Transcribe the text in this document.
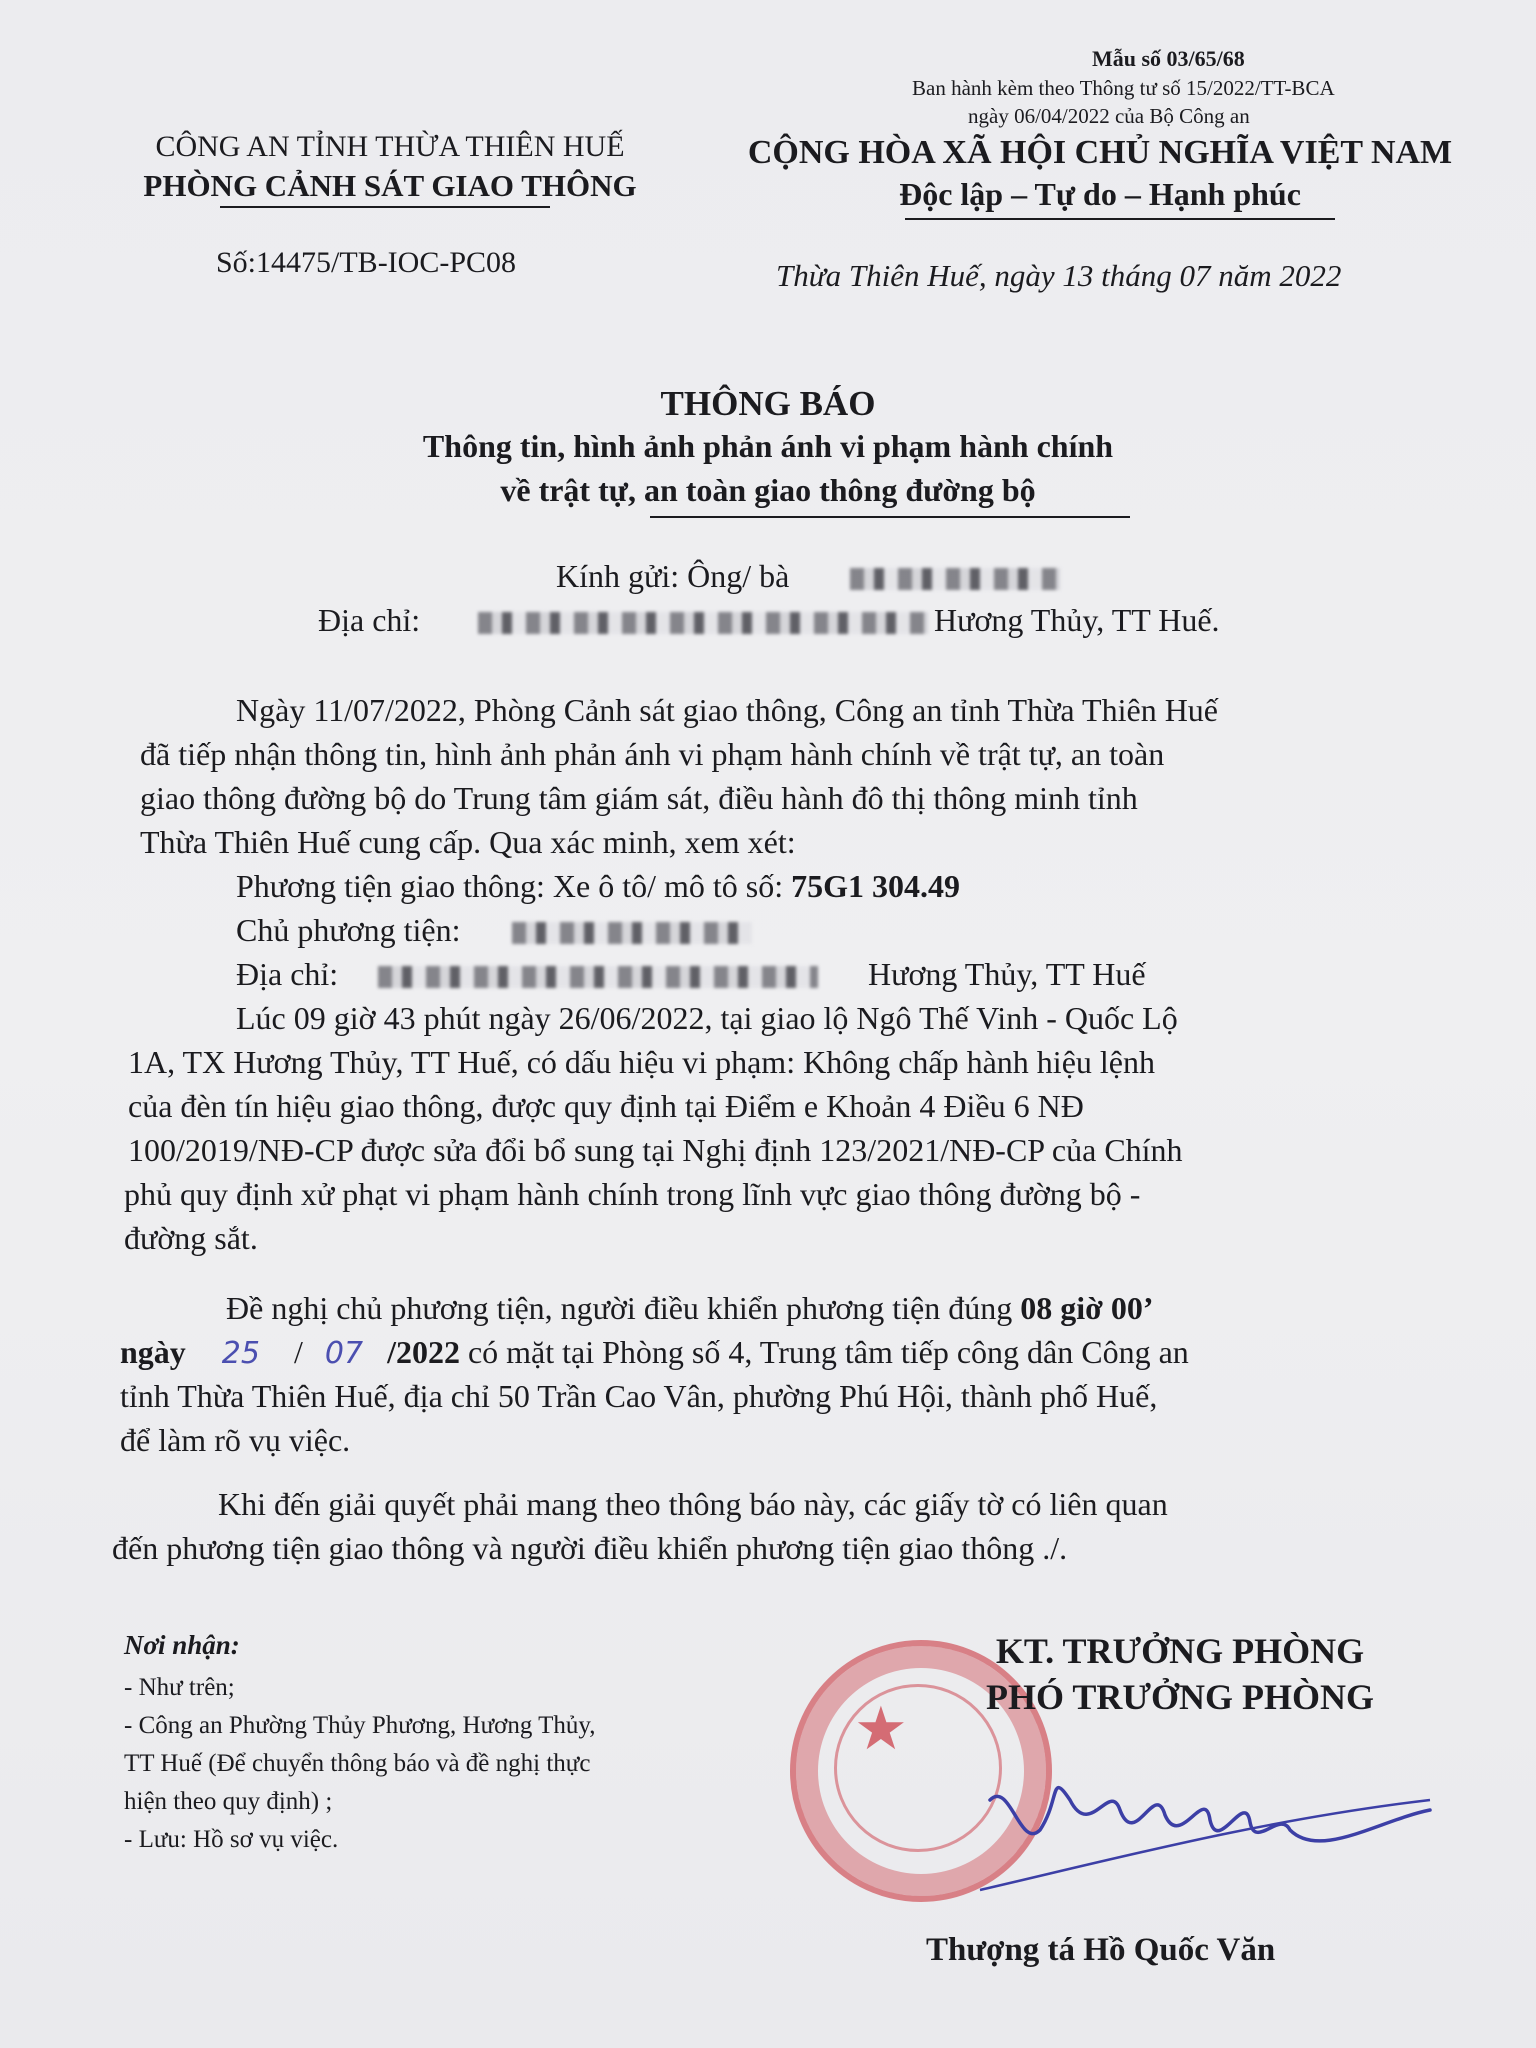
Mẫu số 03/65/68
Ban hành kèm theo Thông tư số 15/2022/TT-BCA
ngày 06/04/2022 của Bộ Công an
CÔNG AN TỈNH THỪA THIÊN HUẾ
PHÒNG CẢNH SÁT GIAO THÔNG
Số:14475/TB-IOC-PC08
CỘNG HÒA XÃ HỘI CHỦ NGHĨA VIỆT NAM
Độc lập – Tự do – Hạnh phúc
Thừa Thiên Huế, ngày 13 tháng 07 năm 2022
THÔNG BÁO
Thông tin, hình ảnh phản ánh vi phạm hành chính
về trật tự, an toàn giao thông đường bộ
Kính gửi: Ông/ bà
Địa chỉ:	Hương Thủy, TT Huế.
Ngày 11/07/2022, Phòng Cảnh sát giao thông, Công an tỉnh Thừa Thiên Huế
đã tiếp nhận thông tin, hình ảnh phản ánh vi phạm hành chính về trật tự, an toàn
giao thông đường bộ do Trung tâm giám sát, điều hành đô thị thông minh tỉnh
Thừa Thiên Huế cung cấp. Qua xác minh, xem xét:
Phương tiện giao thông: Xe ô tô/ mô tô số: 75G1 304.49
Chủ phương tiện:
Địa chỉ:	Hương Thủy, TT Huế
Lúc 09 giờ 43 phút ngày 26/06/2022, tại giao lộ Ngô Thế Vinh - Quốc Lộ
1A, TX Hương Thủy, TT Huế, có dấu hiệu vi phạm: Không chấp hành hiệu lệnh
của đèn tín hiệu giao thông, được quy định tại Điểm e Khoản 4 Điều 6 NĐ
100/2019/NĐ-CP được sửa đổi bổ sung tại Nghị định 123/2021/NĐ-CP của Chính
phủ quy định xử phạt vi phạm hành chính trong lĩnh vực giao thông đường bộ -
đường sắt.
Đề nghị chủ phương tiện, người điều khiển phương tiện đúng 08 giờ 00’
ngày 25 / 07 /2022 có mặt tại Phòng số 4, Trung tâm tiếp công dân Công an
tỉnh Thừa Thiên Huế, địa chỉ 50 Trần Cao Vân, phường Phú Hội, thành phố Huế,
để làm rõ vụ việc.
Khi đến giải quyết phải mang theo thông báo này, các giấy tờ có liên quan
đến phương tiện giao thông và người điều khiển phương tiện giao thông ./.
Nơi nhận:
- Như trên;
- Công an Phường Thủy Phương, Hương Thủy,
TT Huế (Để chuyển thông báo và đề nghị thực
hiện theo quy định) ;
- Lưu: Hồ sơ vụ việc.
★
KT. TRƯỞNG PHÒNG
PHÓ TRƯỞNG PHÒNG
Thượng tá Hồ Quốc Văn
